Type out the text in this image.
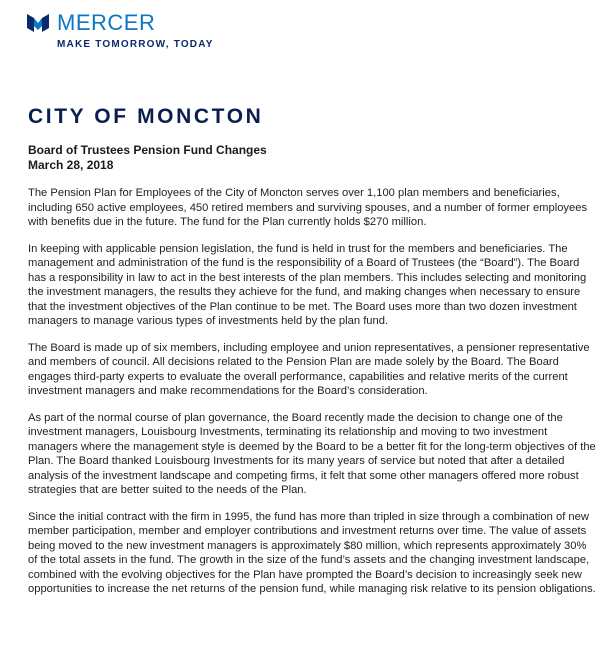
MERCER
MAKE TOMORROW, TODAY
CITY OF MONCTON
Board of Trustees Pension Fund Changes
March 28, 2018

The Pension Plan for Employees of the City of Moncton serves over 1,100 plan members and beneficiaries, including 650 active employees, 450 retired members and surviving spouses, and a number of former employees with benefits due in the future. The fund for the Plan currently holds $270 million.

In keeping with applicable pension legislation, the fund is held in trust for the members and beneficiaries. The management and administration of the fund is the responsibility of a Board of Trustees (the “Board”). The Board has a responsibility in law to act in the best interests of the plan members. This includes selecting and monitoring the investment managers, the results they achieve for the fund, and making changes when necessary to ensure that the investment objectives of the Plan continue to be met. The Board uses more than two dozen investment managers to manage various types of investments held by the plan fund.

The Board is made up of six members, including employee and union representatives, a pensioner representative and members of council. All decisions related to the Pension Plan are made solely by the Board. The Board engages third-party experts to evaluate the overall performance, capabilities and relative merits of the current investment managers and make recommendations for the Board’s consideration.

As part of the normal course of plan governance, the Board recently made the decision to change one of the investment managers, Louisbourg Investments, terminating its relationship and moving to two investment managers where the management style is deemed by the Board to be a better fit for the long-term objectives of the Plan. The Board thanked Louisbourg Investments for its many years of service but noted that after a detailed analysis of the investment landscape and competing firms, it felt that some other managers offered more robust strategies that are better suited to the needs of the Plan.

Since the initial contract with the firm in 1995, the fund has more than tripled in size through a combination of new member participation, member and employer contributions and investment returns over time. The value of assets being moved to the new investment managers is approximately $80 million, which represents approximately 30% of the total assets in the fund. The growth in the size of the fund’s assets and the changing investment landscape, combined with the evolving objectives for the Plan have prompted the Board’s decision to increasingly seek new opportunities to increase the net returns of the pension fund, while managing risk relative to its pension obligations.
